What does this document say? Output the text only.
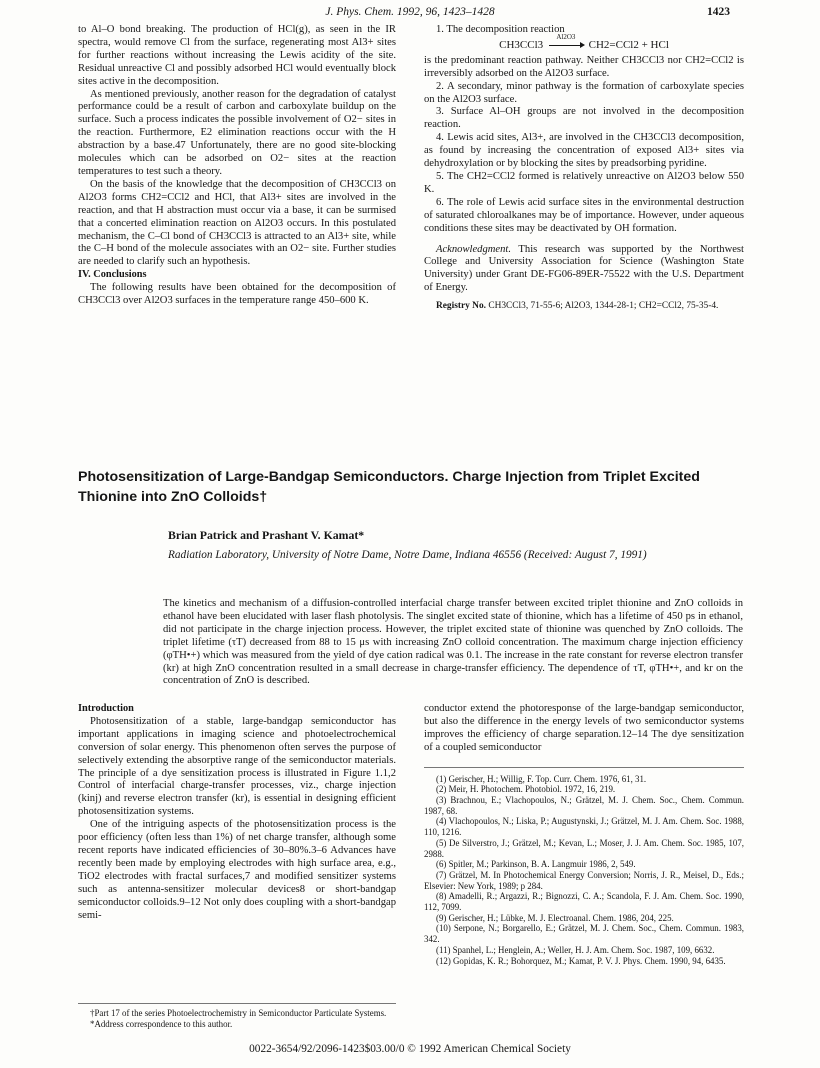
J. Phys. Chem. 1992, 96, 1423–1428	1423

to Al–O bond breaking. The production of HCl(g), as seen in the IR spectra, would remove Cl from the surface, regenerating most Al3+ sites for further reactions without increasing the Lewis acidity of the site. Residual unreactive Cl and possibly adsorbed HCl would eventually block sites active in the decomposition.

As mentioned previously, another reason for the degradation of catalyst performance could be a result of carbon and carboxylate buildup on the surface. Such a process indicates the possible involvement of O2− sites in the reaction. Furthermore, E2 elimination reactions occur with the H abstraction by a base.47 Unfortunately, there are no good site-blocking molecules which can be adsorbed on O2− sites at the reaction temperatures to test such a theory.

On the basis of the knowledge that the decomposition of CH3CCl3 on Al2O3 forms CH2=CCl2 and HCl, that Al3+ sites are involved in the reaction, and that H abstraction must occur via a base, it can be surmised that a concerted elimination reaction on Al2O3 occurs. In this postulated mechanism, the C–Cl bond of CH3CCl3 is attracted to an Al3+ site, while the C–H bond of the molecule associates with an O2− site. Further studies are needed to clarify such an hypothesis.

IV. Conclusions

The following results have been obtained for the decomposition of CH3CCl3 over Al2O3 surfaces in the temperature range 450–600 K.

1. The decomposition reaction

CH3CCl3
Al2O3
CH2=CCl2 + HCl

is the predominant reaction pathway. Neither CH3CCl3 nor CH2=CCl2 is irreversibly adsorbed on the Al2O3 surface.

2. A secondary, minor pathway is the formation of carboxylate species on the Al2O3 surface.

3. Surface Al–OH groups are not involved in the decomposition reaction.

4. Lewis acid sites, Al3+, are involved in the CH3CCl3 decomposition, as found by increasing the concentration of exposed Al3+ sites via dehydroxylation or by blocking the sites by preadsorbing pyridine.

5. The CH2=CCl2 formed is relatively unreactive on Al2O3 below 550 K.

6. The role of Lewis acid surface sites in the environmental destruction of saturated chloroalkanes may be of importance. However, under aqueous conditions these sites may be deactivated by OH formation.

Acknowledgment. This research was supported by the Northwest College and University Association for Science (Washington State University) under Grant DE-FG06-89ER-75522 with the U.S. Department of Energy.

Registry No. CH3CCl3, 71-55-6; Al2O3, 1344-28-1; CH2=CCl2, 75-35-4.

Photosensitization of Large-Bandgap Semiconductors. Charge Injection from Triplet Excited Thionine into ZnO Colloids†
Brian Patrick and Prashant V. Kamat*
Radiation Laboratory, University of Notre Dame, Notre Dame, Indiana 46556 (Received: August 7, 1991)
The kinetics and mechanism of a diffusion-controlled interfacial charge transfer between excited triplet thionine and ZnO colloids in ethanol have been elucidated with laser flash photolysis. The singlet excited state of thionine, which has a lifetime of 450 ps in ethanol, did not participate in the charge injection process. However, the triplet excited state of thionine was quenched by ZnO colloids. The triplet lifetime (τT) decreased from 88 to 15 μs with increasing ZnO colloid concentration. The maximum charge injection efficiency (φTH•+) which was measured from the yield of dye cation radical was 0.1. The increase in the rate constant for reverse electron transfer (kr) at high ZnO concentration resulted in a small decrease in charge-transfer efficiency. The dependence of τT, φTH•+, and kr on the concentration of ZnO is described.

Introduction

Photosensitization of a stable, large-bandgap semiconductor has important applications in imaging science and photoelectrochemical conversion of solar energy. This phenomenon often serves the purpose of selectively extending the absorptive range of the semiconductor materials. The principle of a dye sensitization process is illustrated in Figure 1.1,2 Control of interfacial charge-transfer processes, viz., charge injection (kinj) and reverse electron transfer (kr), is essential in designing efficient photosensitization systems.

One of the intriguing aspects of the photosensitization process is the poor efficiency (often less than 1%) of net charge transfer, although some recent reports have indicated efficiencies of 30–80%.3–6 Advances have recently been made by employing electrodes with high surface area, e.g., TiO2 electrodes with fractal surfaces,7 and modified sensitizer systems such as antenna-sensitizer molecular devices8 or short-bandgap semiconductor colloids.9–12 Not only does coupling with a short-bandgap semi-

†Part 17 of the series Photoelectrochemistry in Semiconductor Particulate Systems.
*Address correspondence to this author.

conductor extend the photoresponse of the large-bandgap semiconductor, but also the difference in the energy levels of two semiconductor systems improves the efficiency of charge separation.12–14 The dye sensitization of a coupled semiconductor

(1) Gerischer, H.; Willig, F. Top. Curr. Chem. 1976, 61, 31.
(2) Meir, H. Photochem. Photobiol. 1972, 16, 219.
(3) Brachnou, E.; Vlachopoulos, N.; Grätzel, M. J. Chem. Soc., Chem. Commun. 1987, 68.
(4) Vlachopoulos, N.; Liska, P.; Augustynski, J.; Grätzel, M. J. Am. Chem. Soc. 1988, 110, 1216.
(5) De Silverstro, J.; Grätzel, M.; Kevan, L.; Moser, J. J. Am. Chem. Soc. 1985, 107, 2988.
(6) Spitler, M.; Parkinson, B. A. Langmuir 1986, 2, 549.
(7) Grätzel, M. In Photochemical Energy Conversion; Norris, J. R., Meisel, D., Eds.; Elsevier: New York, 1989; p 284.
(8) Amadelli, R.; Argazzi, R.; Bignozzi, C. A.; Scandola, F. J. Am. Chem. Soc. 1990, 112, 7099.
(9) Gerischer, H.; Lübke, M. J. Electroanal. Chem. 1986, 204, 225.
(10) Serpone, N.; Borgarello, E.; Grätzel, M. J. Chem. Soc., Chem. Commun. 1983, 342.
(11) Spanhel, L.; Henglein, A.; Weller, H. J. Am. Chem. Soc. 1987, 109, 6632.
(12) Gopidas, K. R.; Bohorquez, M.; Kamat, P. V. J. Phys. Chem. 1990, 94, 6435.
0022-3654/92/2096-1423$03.00/0 © 1992 American Chemical Society
